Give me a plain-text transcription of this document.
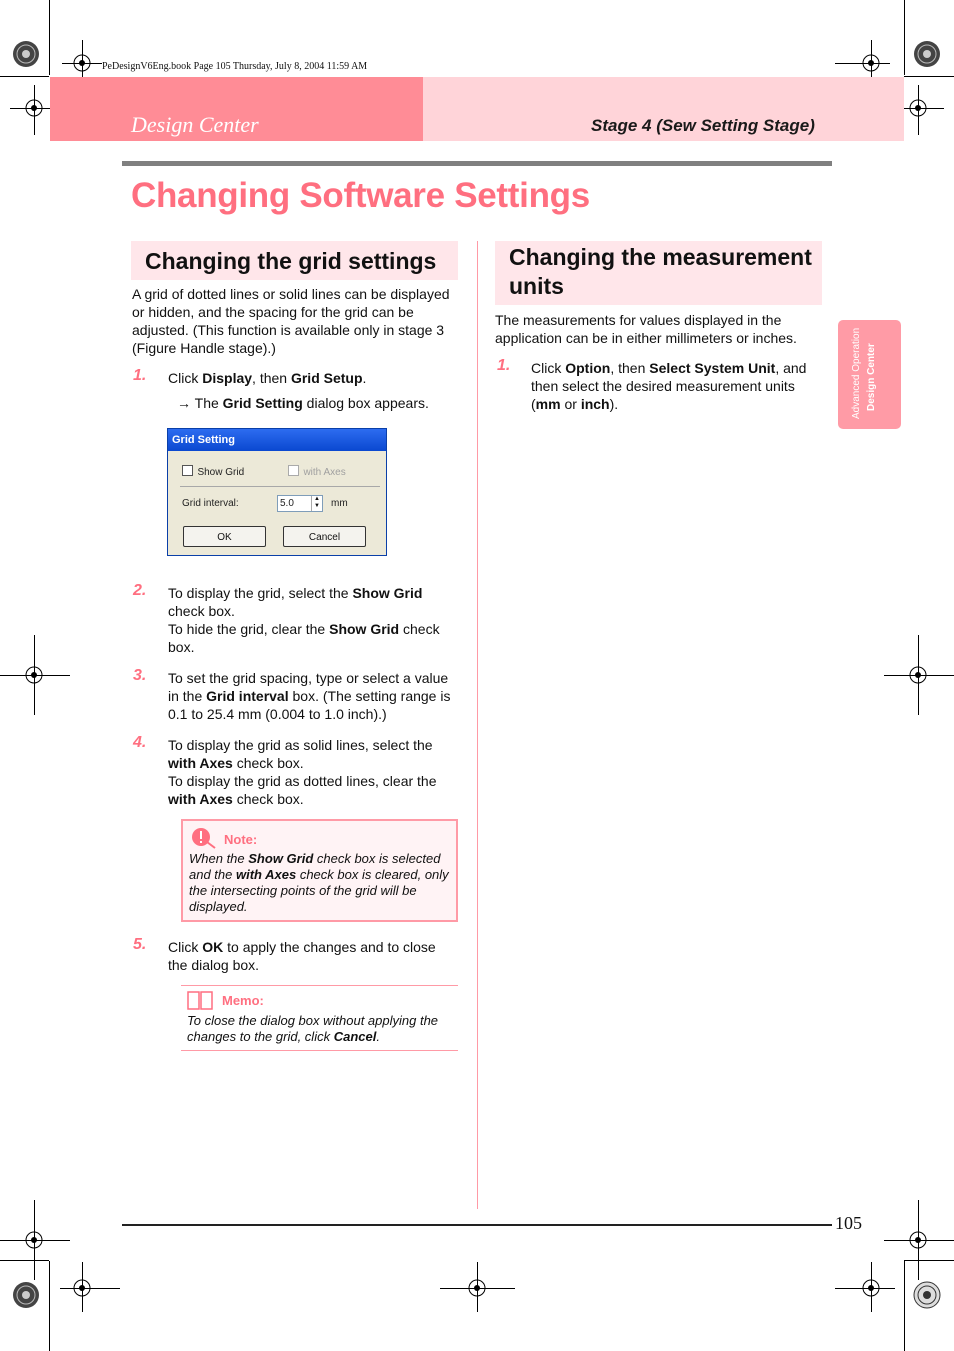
PeDesignV6Eng.book Page 105 Thursday, July 8, 2004 11:59 AM
Design Center	Stage 4 (Sew Setting Stage)
Changing Software Settings
Advanced Operation Design Center
Changing the grid settings
A grid of dotted lines or solid lines can be displayed or hidden, and the spacing for the grid can be adjusted. (This function is available only in stage 3 (Figure Handle stage).)
1. Click Display, then Grid Setup.
→ The Grid Setting dialog box appears.
Grid Setting
Show Grid	with Axes
Grid interval:	5.0	▲
▼ mm
OK	Cancel
2. To display the grid, select the Show Grid check box.
To hide the grid, clear the Show Grid check box.
3. To set the grid spacing, type or select a value in the Grid interval box. (The setting range is 0.1 to 25.4 mm (0.004 to 1.0 inch).)
4. To display the grid as solid lines, select the with Axes check box.
To display the grid as dotted lines, clear the with Axes check box.
Note:
When the Show Grid check box is selected and the with Axes check box is cleared, only the intersecting points of the grid will be displayed.
5. Click OK to apply the changes and to close the dialog box.
Memo:
To close the dialog box without applying the changes to the grid, click Cancel.
Changing the measurement units
The measurements for values displayed in the application can be in either millimeters or inches.
1. Click Option, then Select System Unit, and then select the desired measurement units (mm or inch).
105
